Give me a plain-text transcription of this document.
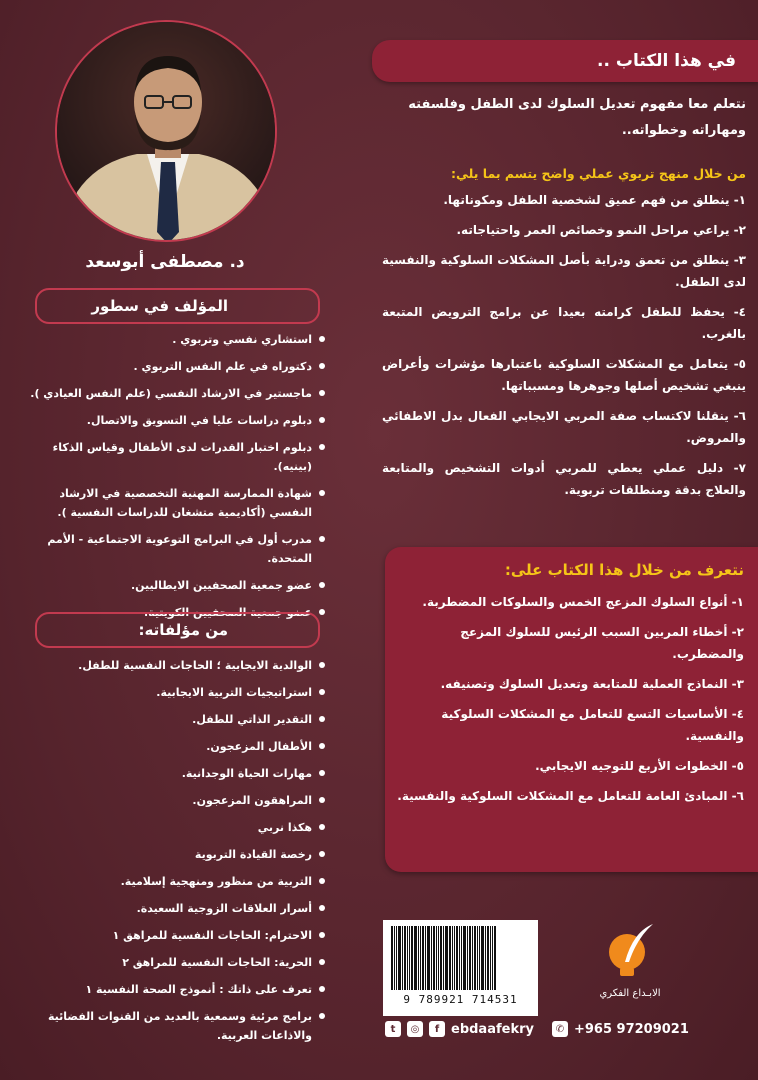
في هذا الكتاب ..

نتعلم معا مفهوم تعديل السلوك لدى الطفل وفلسفته ومهاراته وخطواته..

من خلال منهج تربوي عملي واضح يتسم بما يلي:

١- ينطلق من فهم عميق لشخصية الطفل ومكوناتها.
٢- يراعي مراحل النمو وخصائص العمر واحتياجاته.
٣- ينطلق من تعمق ودراية بأصل المشكلات السلوكية والنفسية لدى الطفل.
٤- يحفظ للطفل كرامته بعيدا عن برامج الترويض المتبعة بالغرب.
٥- يتعامل مع المشكلات السلوكية باعتبارها مؤشرات وأعراض ينبغي تشخيص أصلها وجوهرها ومسبباتها.
٦- ينقلنا لاكتساب صفة المربي الايجابي الفعال بدل الاطفائي والمروض.
٧- دليل عملي يعطي للمربي أدوات التشخيص والمتابعة والعلاج بدقة ومنطلقات تربوية.
نتعرف من خلال هذا الكتاب على:
١- أنواع السلوك المزعج الخمس والسلوكات المضطربة.
٢- أخطاء المربين السبب الرئيس للسلوك المزعج والمضطرب.
٣- النماذج العملية للمتابعة وتعديل السلوك وتصنيفه.
٤- الأساسيات التسع للتعامل مع المشكلات السلوكية والنفسية.
٥- الخطوات الأربع للتوجيه الايجابي.
٦- المبادئ العامة للتعامل مع المشكلات السلوكية والنفسية.
د. مصطفى أبوسعد
المؤلف في سطور
استشاري نفسي وتربوي .
دكتوراه في علم النفس التربوي .
ماجستير في الارشاد النفسي (علم النفس العيادي ).
دبلوم دراسات عليا في التسويق والاتصال.
دبلوم اختبار القدرات لدى الأطفال وقياس الذكاء (بينيه).
شهادة الممارسة المهنية التخصصية في الارشاد النفسي (أكاديمية متشغان للدراسات النفسية ).
مدرب أول في البرامج التوعوية الاجتماعية - الأمم المتحدة.
عضو جمعية الصحفيين الايطاليين.
عضو جمعية الصحفيين الكويتية.
من مؤلفاته:
الوالدية الايجابية ؛ الحاجات النفسية للطفل.
استراتيجيات التربية الايجابية.
التقدير الذاتي للطفل.
الأطفال المزعجون.
مهارات الحياة الوجدانية.
المراهقون المزعجون.
هكذا نربي
رخصة القيادة التربوية
التربية من منظور ومنهجية إسلامية.
أسرار العلاقات الزوجية السعيدة.
الاحترام: الحاجات النفسية للمراهق ١
الحرية: الحاجات النفسية للمراهق ٢
تعرف على ذاتك : أنموذج الصحة النفسية ١
برامج مرئية وسمعية بالعديد من القنوات الفضائية والاذاعات العربية.
9 789921 714531	الابـداع الفكري
t	◎	f ebdaafekry	✆ +965 97209021
